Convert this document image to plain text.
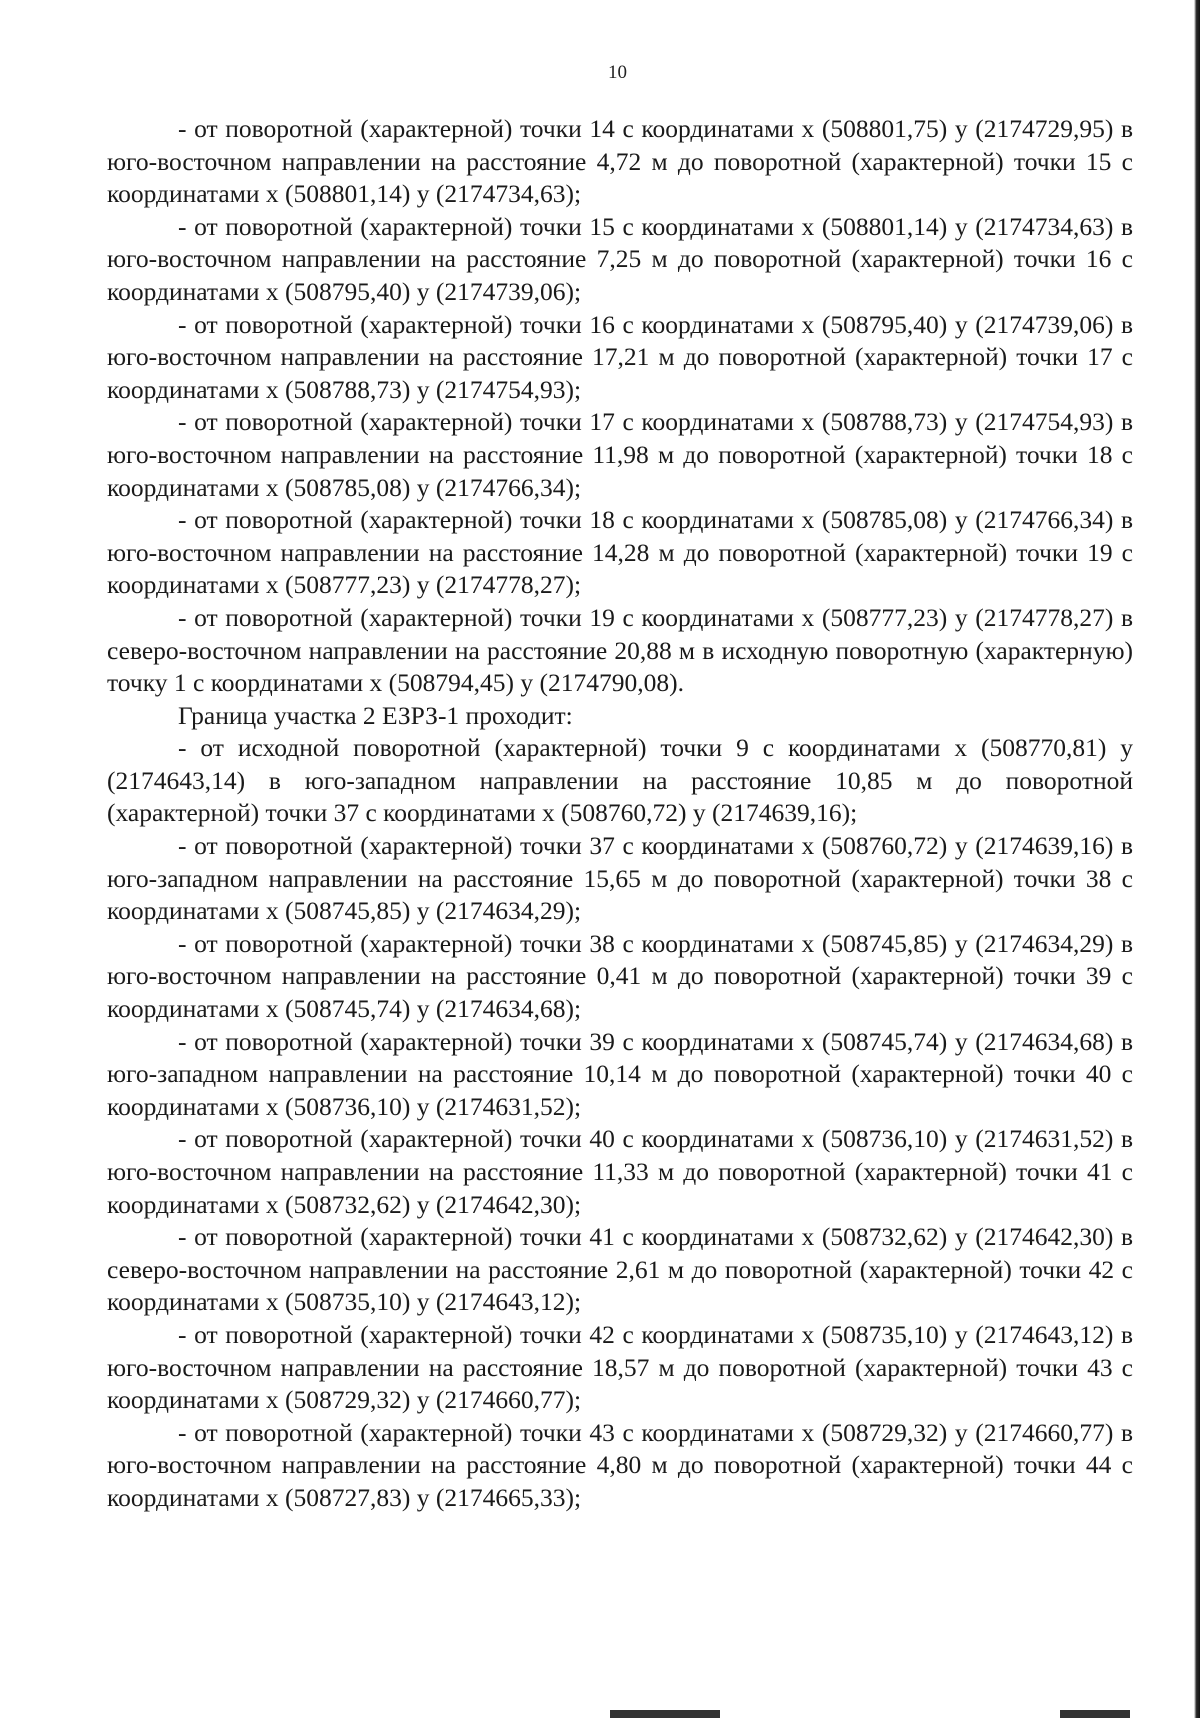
10

- от поворотной (характерной) точки 14 с координатами х (508801,75) у (2174729,95) в юго-восточном направлении на расстояние 4,72 м до поворотной (характерной) точки 15 с координатами х (508801,14) у (2174734,63);

- от поворотной (характерной) точки 15 с координатами х (508801,14) у (2174734,63) в юго-восточном направлении на расстояние 7,25 м до поворотной (характерной) точки 16 с координатами х (508795,40) у (2174739,06);

- от поворотной (характерной) точки 16 с координатами х (508795,40) у (2174739,06) в юго-восточном направлении на расстояние 17,21 м до поворотной (характерной) точки 17 с координатами х (508788,73) у (2174754,93);

- от поворотной (характерной) точки 17 с координатами х (508788,73) у (2174754,93) в юго-восточном направлении на расстояние 11,98 м до поворотной (характерной) точки 18 с координатами х (508785,08) у (2174766,34);

- от поворотной (характерной) точки 18 с координатами х (508785,08) у (2174766,34) в юго-восточном направлении на расстояние 14,28 м до поворотной (характерной) точки 19 с координатами х (508777,23) у (2174778,27);

- от поворотной (характерной) точки 19 с координатами х (508777,23) у (2174778,27) в северо-восточном направлении на расстояние 20,88 м в исходную поворотную (характерную) точку 1 с координатами х (508794,45) у (2174790,08).

Граница участка 2 ЕЗРЗ-1 проходит:

- от исходной поворотной (характерной) точки 9 с координатами х (508770,81) у (2174643,14) в юго-западном направлении на расстояние 10,85 м до поворотной (характерной) точки 37 с координатами х (508760,72) у (2174639,16);

- от поворотной (характерной) точки 37 с координатами х (508760,72) у (2174639,16) в юго-западном направлении на расстояние 15,65 м до поворотной (характерной) точки 38 с координатами х (508745,85) у (2174634,29);

- от поворотной (характерной) точки 38 с координатами х (508745,85) у (2174634,29) в юго-восточном направлении на расстояние 0,41 м до поворотной (характерной) точки 39 с координатами х (508745,74) у (2174634,68);

- от поворотной (характерной) точки 39 с координатами х (508745,74) у (2174634,68) в юго-западном направлении на расстояние 10,14 м до поворотной (характерной) точки 40 с координатами х (508736,10) у (2174631,52);

- от поворотной (характерной) точки 40 с координатами х (508736,10) у (2174631,52) в юго-восточном направлении на расстояние 11,33 м до поворотной (характерной) точки 41 с координатами х (508732,62) у (2174642,30);

- от поворотной (характерной) точки 41 с координатами х (508732,62) у (2174642,30) в северо-восточном направлении на расстояние 2,61 м до поворотной (характерной) точки 42 с координатами х (508735,10) у (2174643,12);

- от поворотной (характерной) точки 42 с координатами х (508735,10) у (2174643,12) в юго-восточном направлении на расстояние 18,57 м до поворотной (характерной) точки 43 с координатами х (508729,32) у (2174660,77);

- от поворотной (характерной) точки 43 с координатами х (508729,32) у (2174660,77) в юго-восточном направлении на расстояние 4,80 м до поворотной (характерной) точки 44 с координатами х (508727,83) у (2174665,33);
